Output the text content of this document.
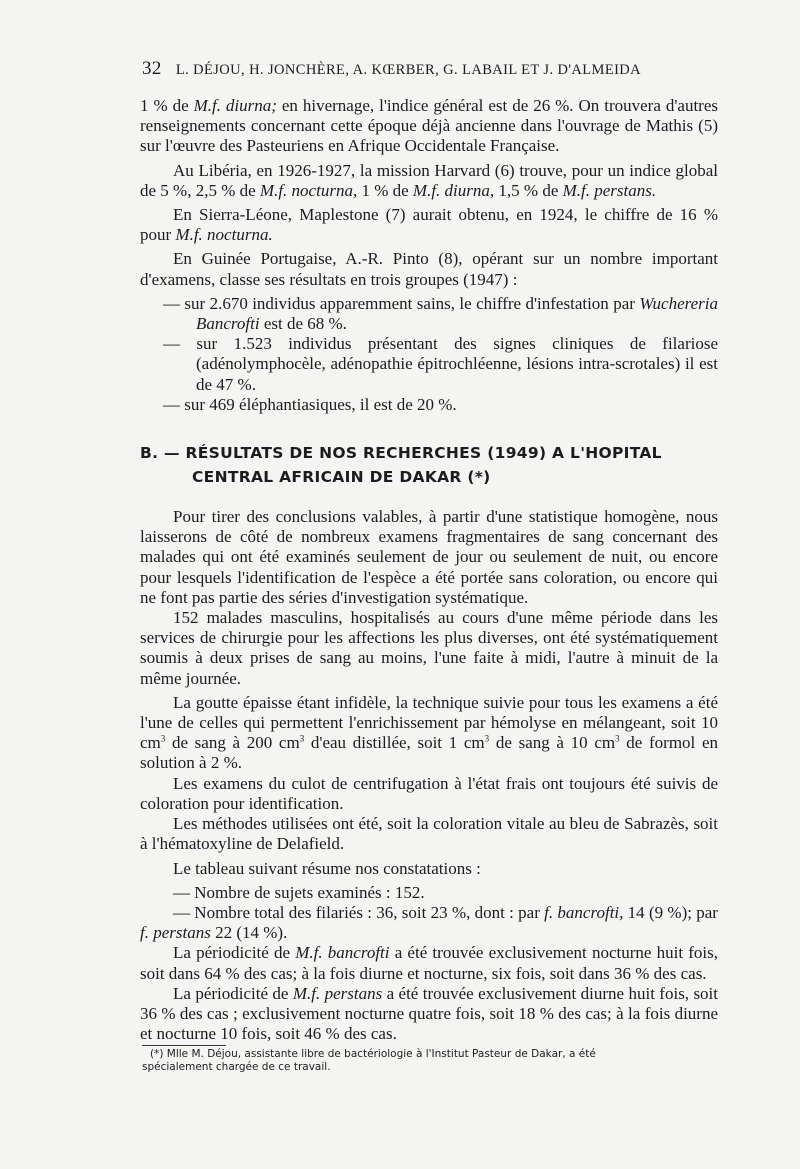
32 L. DÉJOU, H. JONCHÈRE, A. KŒRBER, G. LABAIL ET J. D'ALMEIDA

1 % de M.f. diurna; en hivernage, l'indice général est de 26 %. On trouvera d'autres renseignements concernant cette époque déjà ancienne dans l'ouvrage de Mathis (5) sur l'œuvre des Pasteuriens en Afrique Occidentale Française.

Au Libéria, en 1926-1927, la mission Harvard (6) trouve, pour un indice global de 5 %, 2,5 % de M.f. nocturna, 1 % de M.f. diurna, 1,5 % de M.f. perstans.

En Sierra-Léone, Maplestone (7) aurait obtenu, en 1924, le chiffre de 16 % pour M.f. nocturna.

En Guinée Portugaise, A.-R. Pinto (8), opérant sur un nombre important d'examens, classe ses résultats en trois groupes (1947) :

— sur 2.670 individus apparemment sains, le chiffre d'infestation par Wuchereria Bancrofti est de 68 %.
— sur 1.523 individus présentant des signes cliniques de filariose (adénolymphocèle, adénopathie épitrochléenne, lésions intra-scrotales) il est de 47 %.
— sur 469 éléphantiasiques, il est de 20 %.
B. — RÉSULTATS DE NOS RECHERCHES (1949) A L'HOPITAL
CENTRAL AFRICAIN DE DAKAR (*)

Pour tirer des conclusions valables, à partir d'une statistique homogène, nous laisserons de côté de nombreux examens fragmentaires de sang concernant des malades qui ont été examinés seulement de jour ou seulement de nuit, ou encore pour lesquels l'identification de l'espèce a été portée sans coloration, ou encore qui ne font pas partie des séries d'investigation systématique.

152 malades masculins, hospitalisés au cours d'une même période dans les services de chirurgie pour les affections les plus diverses, ont été systématiquement soumis à deux prises de sang au moins, l'une faite à midi, l'autre à minuit de la même journée.

La goutte épaisse étant infidèle, la technique suivie pour tous les examens a été l'une de celles qui permettent l'enrichissement par hémolyse en mélangeant, soit 10 $cm^3$ de sang à 200 $cm^3$ d'eau distillée, soit 1 $cm^3$ de sang à 10 $cm^3$ de formol en solution à 2 %.

Les examens du culot de centrifugation à l'état frais ont toujours été suivis de coloration pour identification.

Les méthodes utilisées ont été, soit la coloration vitale au bleu de Sabrazès, soit à l'hématoxyline de Delafield.

Le tableau suivant résume nos constatations :

— Nombre de sujets examinés : 152.

— Nombre total des filariés : 36, soit 23 %, dont : par f. bancrofti, 14 (9 %); par f. perstans 22 (14 %).

La périodicité de M.f. bancrofti a été trouvée exclusivement nocturne huit fois, soit dans 64 % des cas; à la fois diurne et nocturne, six fois, soit dans 36 % des cas.

La périodicité de M.f. perstans a été trouvée exclusivement diurne huit fois, soit 36 % des cas ; exclusivement nocturne quatre fois, soit 18 % des cas; à la fois diurne et nocturne 10 fois, soit 46 % des cas.

(*) Mlle M. Déjou, assistante libre de bactériologie à l'Institut Pasteur de Dakar, a été
spécialement chargée de ce travail.
